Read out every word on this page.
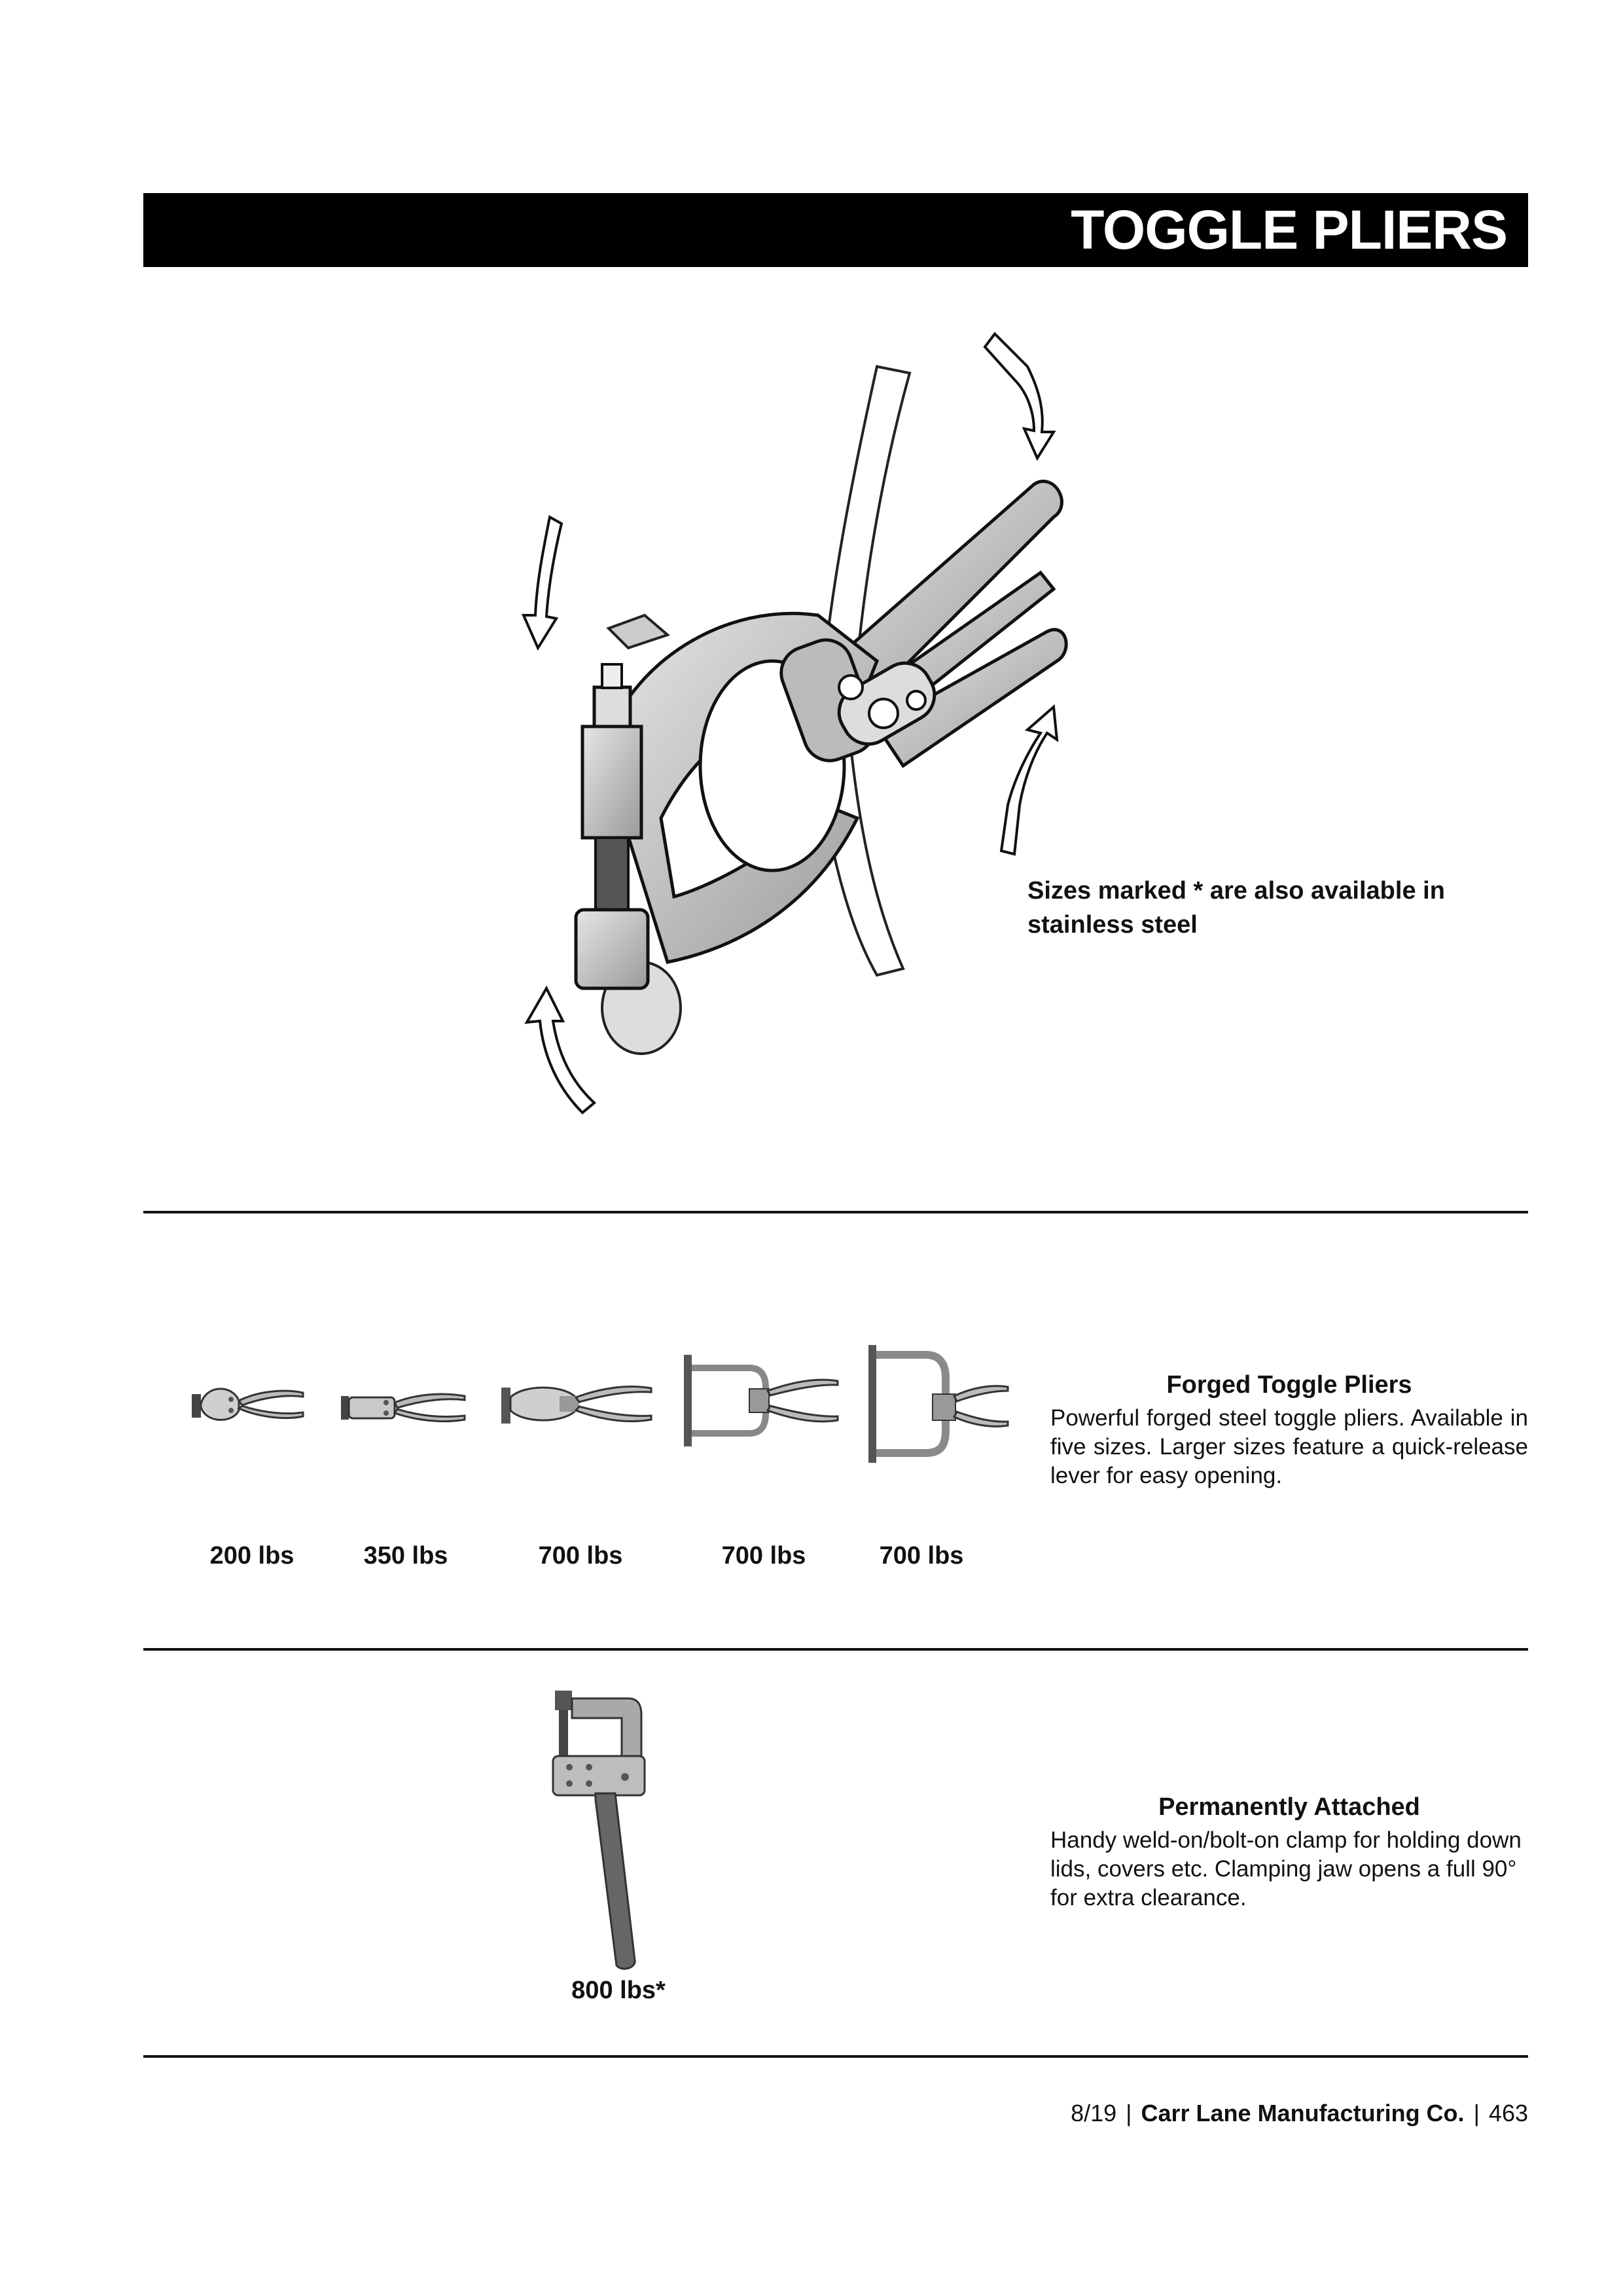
TOGGLE PLIERS
Sizes marked * are also available in stainless steel
200 lbs	350 lbs	700 lbs	700 lbs	700 lbs
Forged Toggle Pliers
Powerful forged steel toggle pliers. Available in five sizes. Larger sizes feature a quick-release lever for easy opening.
800 lbs*
Permanently Attached
Handy weld-on/bolt-on clamp for holding down lids, covers etc. Clamping jaw opens a full 90° for extra clearance.
8/19 | Carr Lane Manufacturing Co. | 463
